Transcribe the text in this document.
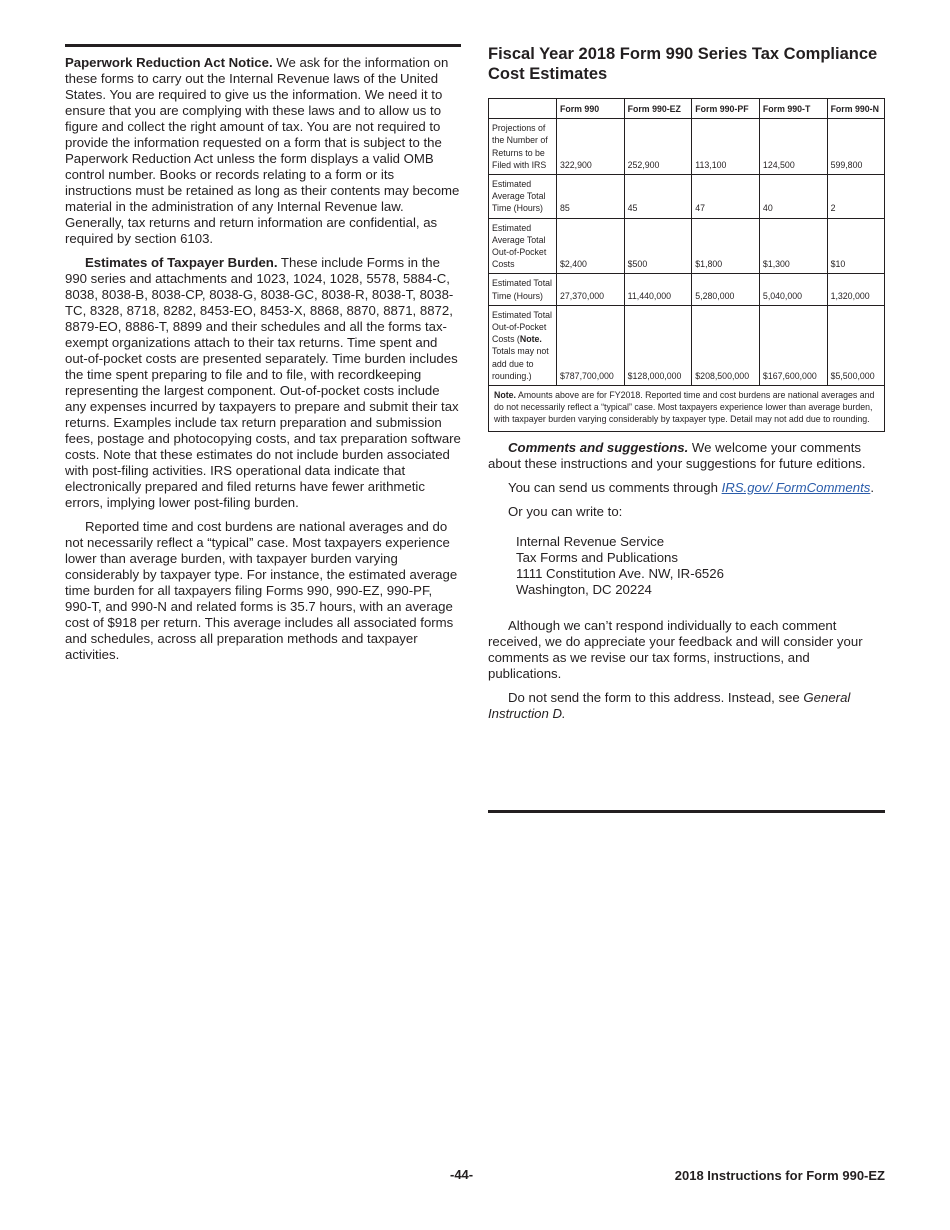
Paperwork Reduction Act Notice. We ask for the information on these forms to carry out the Internal Revenue laws of the United States. You are required to give us the information. We need it to ensure that you are complying with these laws and to allow us to figure and collect the right amount of tax. You are not required to provide the information requested on a form that is subject to the Paperwork Reduction Act unless the form displays a valid OMB control number. Books or records relating to a form or its instructions must be retained as long as their contents may become material in the administration of any Internal Revenue law. Generally, tax returns and return information are confidential, as required by section 6103.

Estimates of Taxpayer Burden. These include Forms in the 990 series and attachments and 1023, 1024, 1028, 5578, 5884-C, 8038, 8038-B, 8038-CP, 8038-G, 8038-GC, 8038-R, 8038-T, 8038-TC, 8328, 8718, 8282, 8453-EO, 8453-X, 8868, 8870, 8871, 8872, 8879-EO, 8886-T, 8899 and their schedules and all the forms tax-exempt organizations attach to their tax returns. Time spent and out-of-pocket costs are presented separately. Time burden includes the time spent preparing to file and to file, with recordkeeping representing the largest component. Out-of-pocket costs include any expenses incurred by taxpayers to prepare and submit their tax returns. Examples include tax return preparation and submission fees, postage and photocopying costs, and tax preparation software costs. Note that these estimates do not include burden associated with post-filing activities. IRS operational data indicate that electronically prepared and filed returns have fewer arithmetic errors, implying lower post-filing burden.

Reported time and cost burdens are national averages and do not necessarily reflect a “typical” case. Most taxpayers experience lower than average burden, with taxpayer burden varying considerably by taxpayer type. For instance, the estimated average time burden for all taxpayers filing Forms 990, 990-EZ, 990-PF, 990-T, and 990-N and related forms is 35.7 hours, with an average cost of $918 per return. This average includes all associated forms and schedules, across all preparation methods and taxpayer activities.

Fiscal Year 2018 Form 990 Series Tax Compliance Cost Estimates
	Form 990	Form 990-EZ	Form 990-PF	Form 990-T	Form 990-N
Projections of the Number of Returns to be Filed with IRS	322,900	252,900	113,100	124,500	599,800
Estimated Average Total Time (Hours)	85	45	47	40	2
Estimated Average Total Out-of-Pocket Costs	$2,400	$500	$1,800	$1,300	$10
Estimated Total Time (Hours)	27,370,000	11,440,000	5,280,000	5,040,000	1,320,000
Estimated Total Out-of-Pocket Costs (Note. Totals may not add due to rounding.)	$787,700,000	$128,000,000	$208,500,000	$167,600,000	$5,500,000
Note. Amounts above are for FY2018. Reported time and cost burdens are national averages and do not necessarily reflect a “typical” case. Most taxpayers experience lower than average burden, with taxpayer burden varying considerably by taxpayer type. Detail may not add due to rounding.					

Comments and suggestions. We welcome your comments about these instructions and your suggestions for future editions.

You can send us comments through IRS.gov/ FormComments.

Or you can write to:

Internal Revenue Service
Tax Forms and Publications
1111 Constitution Ave. NW, IR-6526
Washington, DC 20224

Although we can’t respond individually to each comment received, we do appreciate your feedback and will consider your comments as we revise our tax forms, instructions, and publications.

Do not send the form to this address. Instead, see General Instruction D.

-44-	2018 Instructions for Form 990-EZ
